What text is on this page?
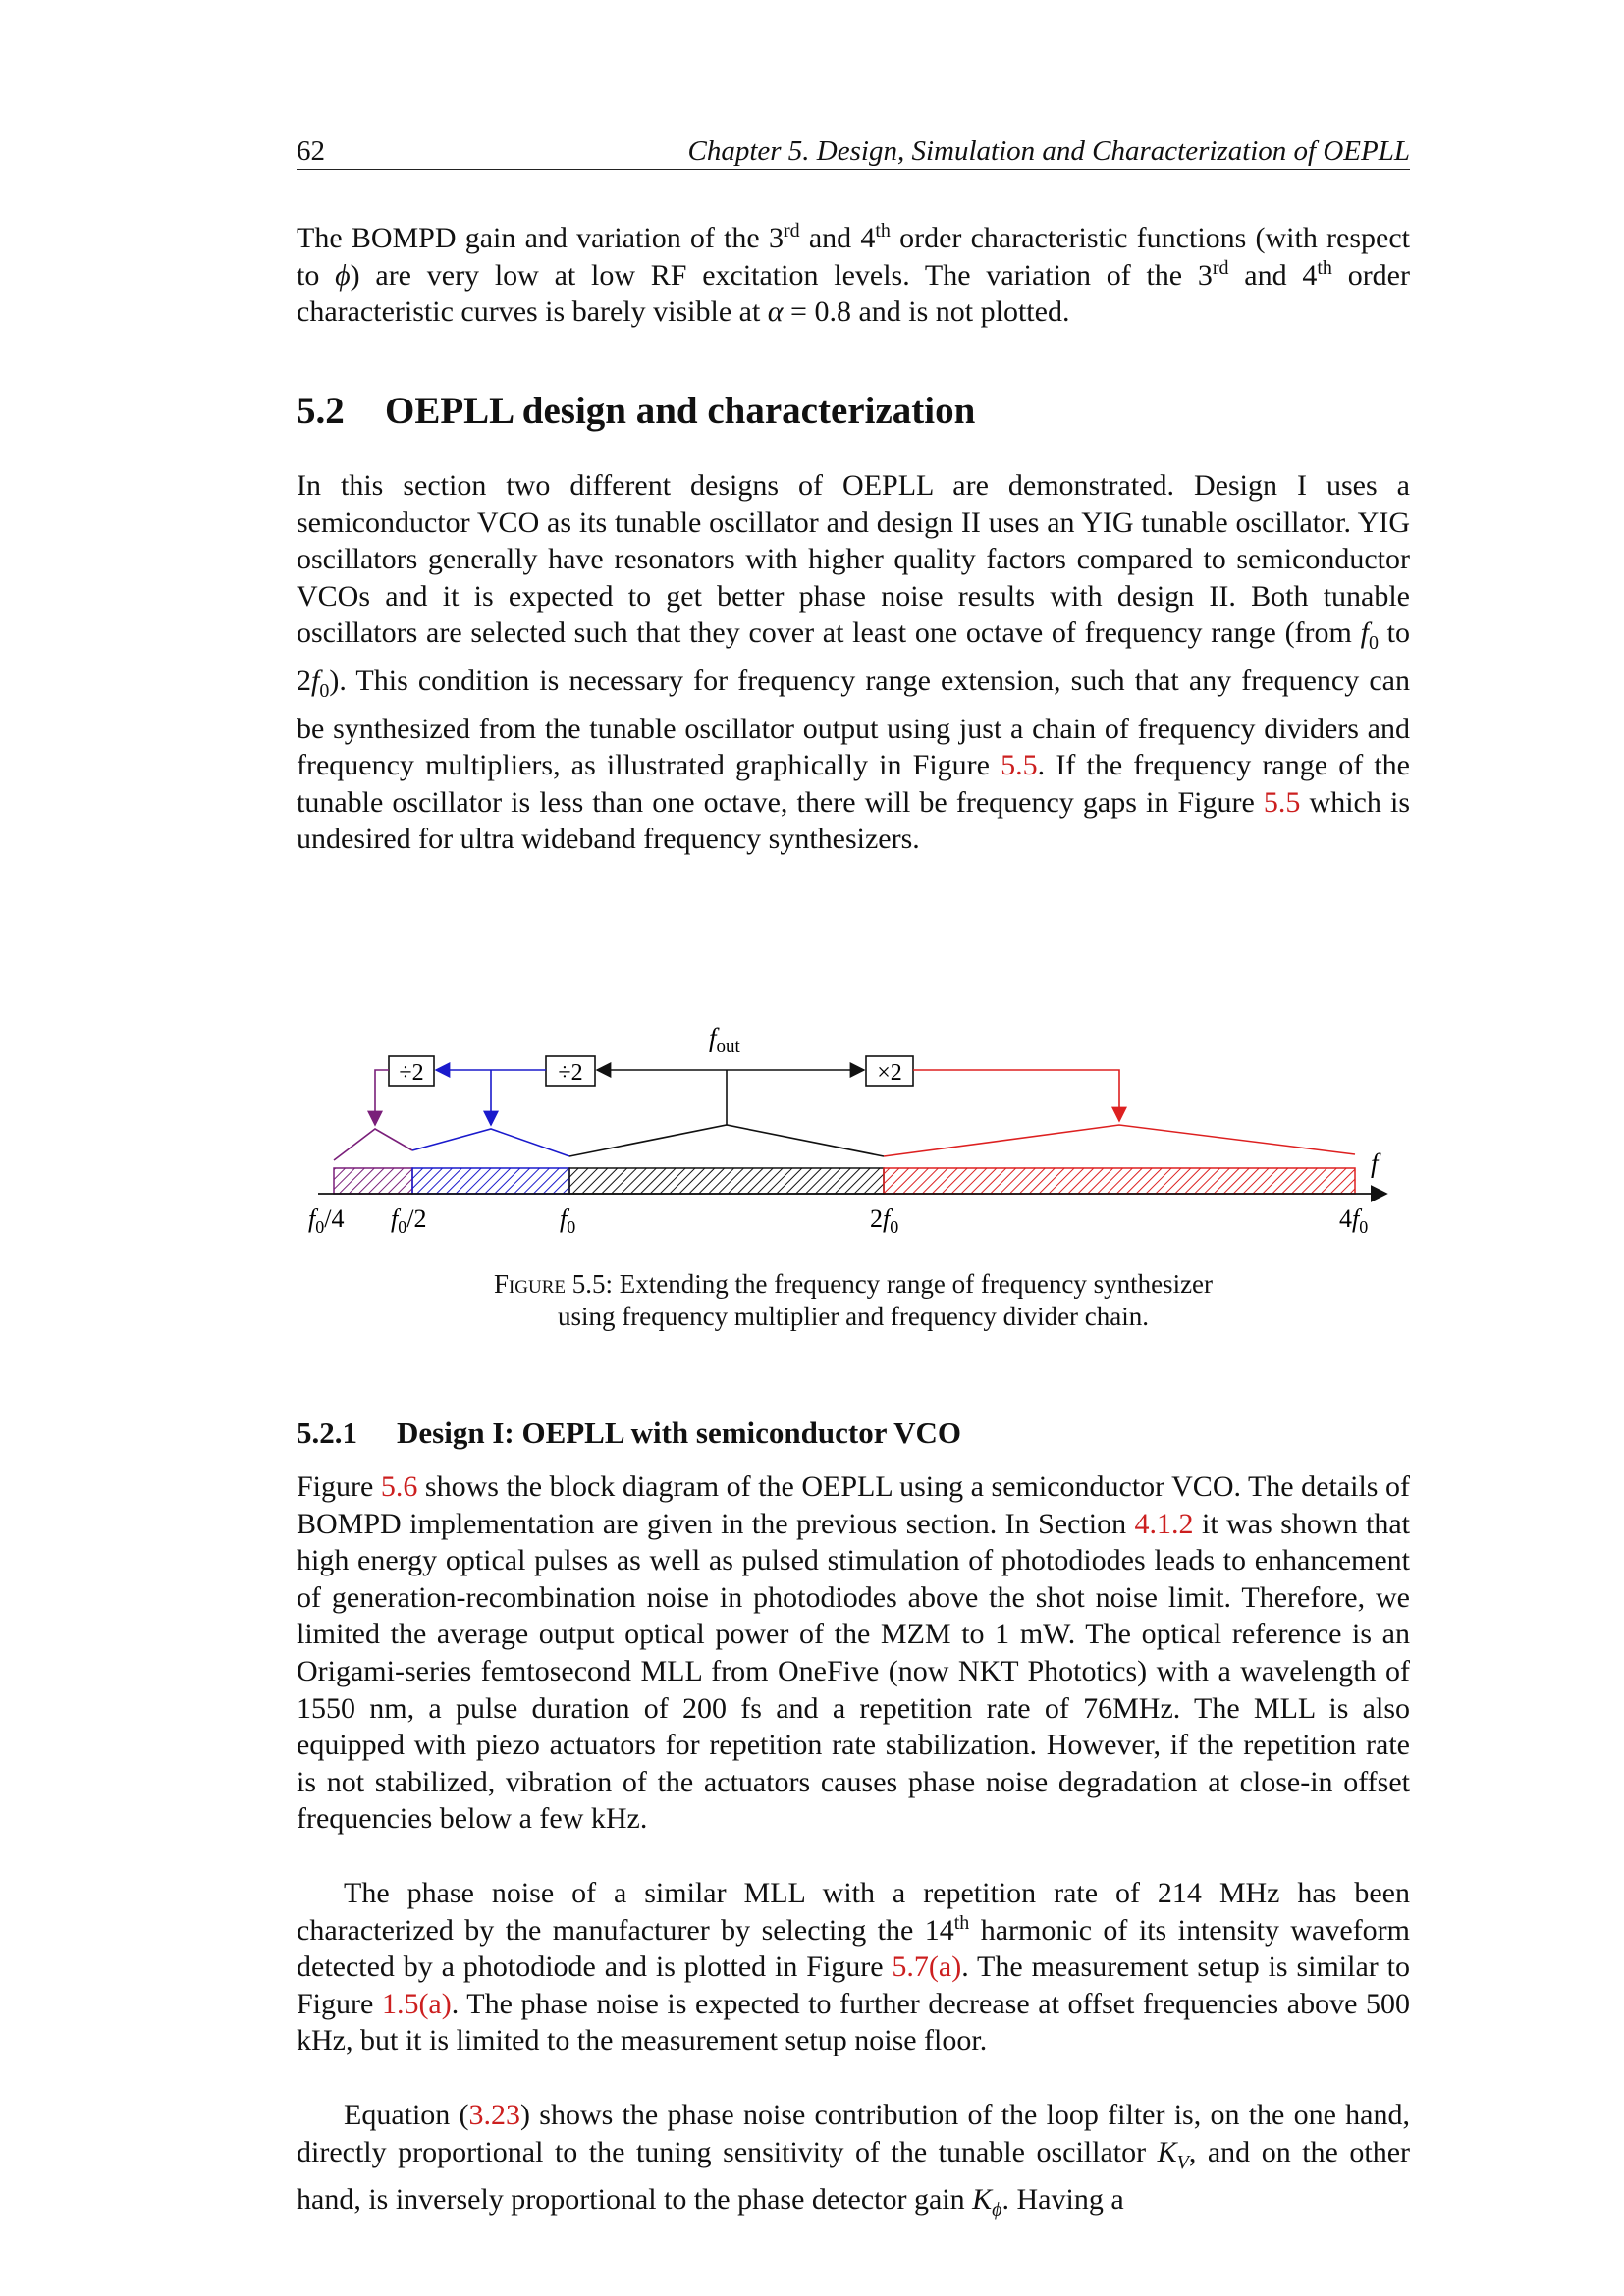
62	Chapter 5. Design, Simulation and Characterization of OEPLL

The BOMPD gain and variation of the 3rd and 4th order characteristic functions (with respect to ϕ) are very low at low RF excitation levels. The variation of the 3rd and 4th order characteristic curves is barely visible at α = 0.8 and is not plotted.

5.2 OEPLL design and characterization

In this section two different designs of OEPLL are demonstrated. Design I uses a semiconductor VCO as its tunable oscillator and design II uses an YIG tunable oscillator. YIG oscillators generally have resonators with higher quality factors compared to semiconductor VCOs and it is expected to get better phase noise results with design II. Both tunable oscillators are selected such that they cover at least one octave of frequency range (from $f_0$ to $2f_0$). This condition is necessary for frequency range extension, such that any frequency can be synthesized from the tunable oscillator output using just a chain of frequency dividers and frequency multipliers, as illustrated graphically in Figure 5.5. If the frequency range of the tunable oscillator is less than one octave, there will be frequency gaps in Figure 5.5 which is undesired for ultra wideband frequency synthesizers.

f
$f_0/4$ $f_0/2$	$f_0$	$2f_0$	$4f_0$
$f_{out}$
÷2	÷2	×2
Figure 5.5: Extending the frequency range of frequency synthesizer
using frequency multiplier and frequency divider chain.
5.2.1 Design I: OEPLL with semiconductor VCO

Figure 5.6 shows the block diagram of the OEPLL using a semiconductor VCO. The details of BOMPD implementation are given in the previous section. In Section 4.1.2 it was shown that high energy optical pulses as well as pulsed stimulation of photodiodes leads to enhancement of generation-recombination noise in photodiodes above the shot noise limit. Therefore, we limited the average output optical power of the MZM to 1 mW. The optical reference is an Origami-series femtosecond MLL from OneFive (now NKT Phototics) with a wavelength of 1550 nm, a pulse duration of 200 fs and a repetition rate of 76MHz. The MLL is also equipped with piezo actuators for repetition rate stabilization. However, if the repetition rate is not stabilized, vibration of the actuators causes phase noise degradation at close-in offset frequencies below a few kHz.

The phase noise of a similar MLL with a repetition rate of 214 MHz has been characterized by the manufacturer by selecting the 14th harmonic of its intensity waveform detected by a photodiode and is plotted in Figure 5.7(a). The measurement setup is similar to Figure 1.5(a). The phase noise is expected to further decrease at offset frequencies above 500 kHz, but it is limited to the measurement setup noise floor.

Equation (3.23) shows the phase noise contribution of the loop filter is, on the one hand, directly proportional to the tuning sensitivity of the tunable oscillator $K_V$, and on the other hand, is inversely proportional to the phase detector gain $K_\phi$. Having a
